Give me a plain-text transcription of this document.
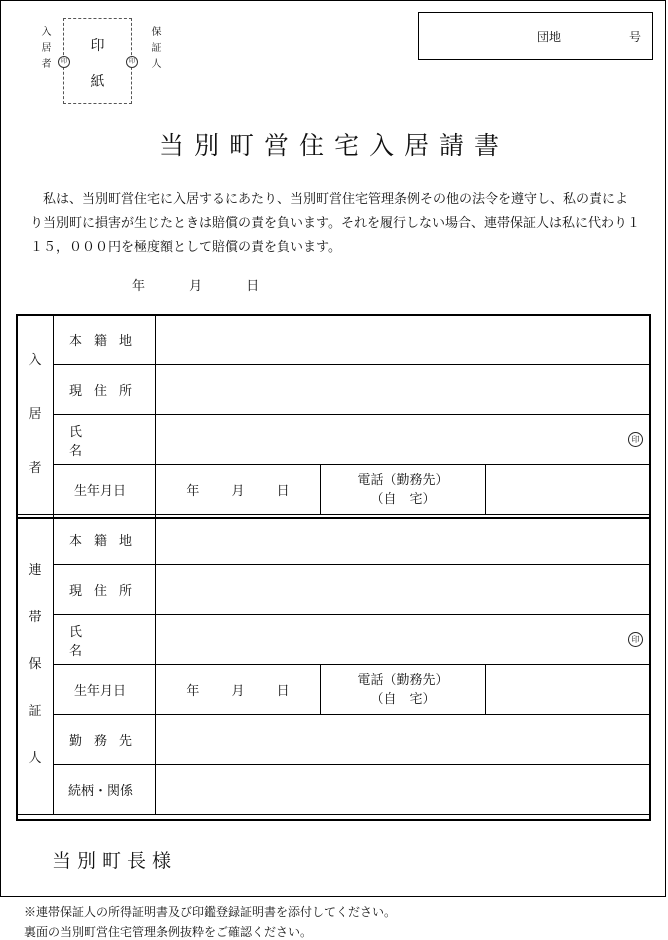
入居者	保証人
印
紙
印	印
団地	号
当別町営住宅入居請書
私は、当別町営住宅に入居するにあたり、当別町営住宅管理条例その他の法令を遵守し、私の責により当別町に損害が生じたときは賠償の責を負います。それを履行しない場合、連帯保証人は私に代わり１１５，０００円を極度額として賠償の責を負います。
年 月 日
入
居
者	本籍地			

	現住所			

	氏名	印		

	生年月日	年 月 日	電話（勤務先）
（自　宅）	

連
帯
保
証
人	本籍地			

	現住所			

	氏名	印		

	生年月日	年 月 日	電話（勤務先）
（自　宅）	

	勤務先			

	続柄・関係			

当別町長様
※連帯保証人の所得証明書及び印鑑登録証明書を添付してください。
裏面の当別町営住宅管理条例抜粋をご確認ください。
